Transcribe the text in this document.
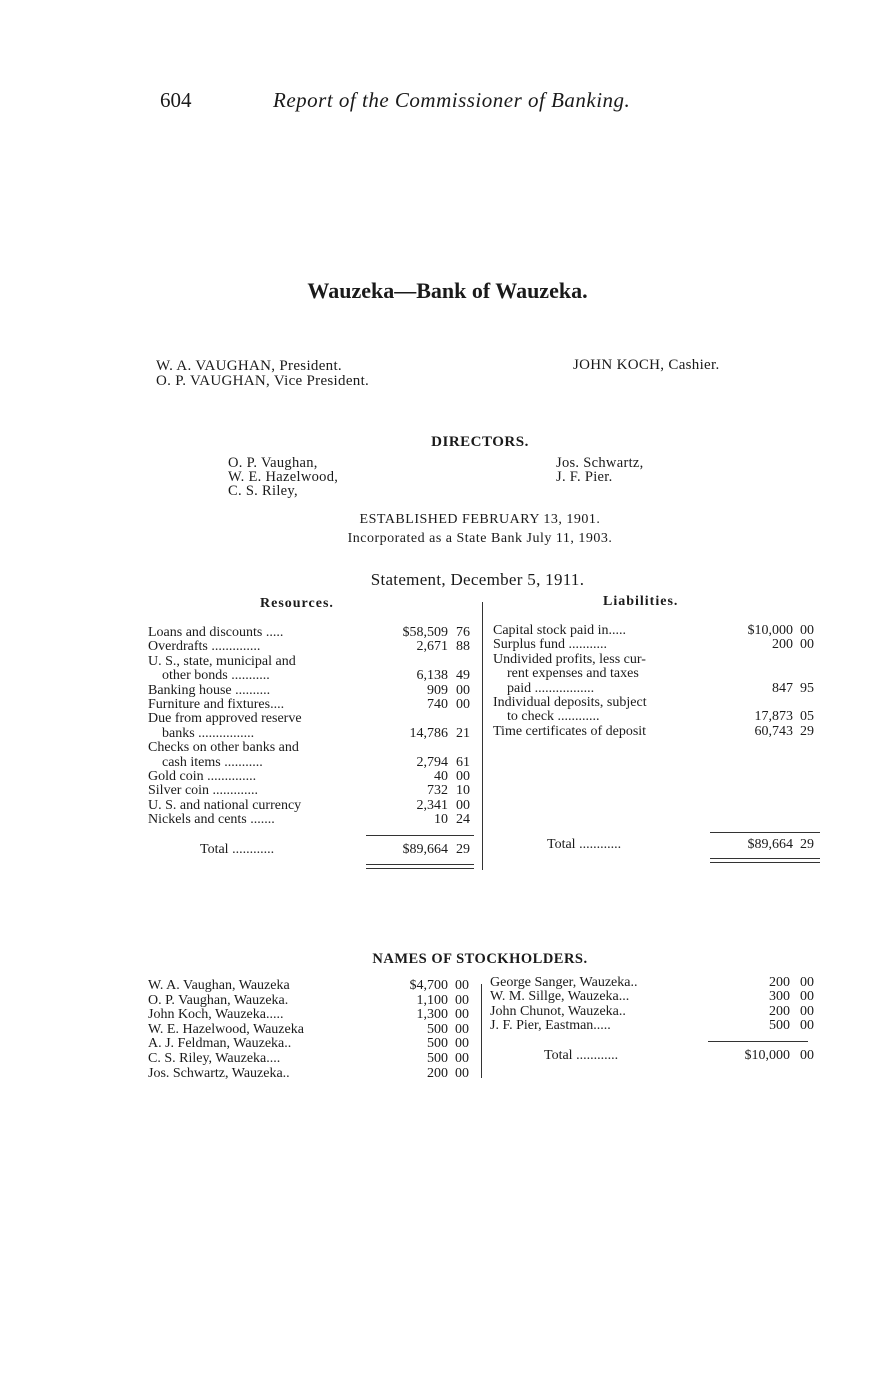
604	Report of the Commissioner of Banking.
Wauzeka—Bank of Wauzeka.
W. A. VAUGHAN, President.
O. P. VAUGHAN, Vice President.
JOHN KOCH, Cashier.
DIRECTORS.
O. P. Vaughan,
W. E. Hazelwood,
C. S. Riley,
Jos. Schwartz,
J. F. Pier.
ESTABLISHED FEBRUARY 13, 1901.
Incorporated as a State Bank July 11, 1903.
Statement, December 5, 1911.
Resources.	Liabilities.
Loans and discounts .....	$58,509 76
Overdrafts ..............	2,671 88
U. S., state, municipal and
other bonds ...........	6,138 49
Banking house ..........	909 00
Furniture and fixtures....	740 00
Due from approved reserve
banks ................	14,786 21
Checks on other banks and
cash items ...........	2,794 61
Gold coin ..............	40 00
Silver coin .............	732 10
U. S. and national currency	2,341 00
Nickels and cents .......	10 24
Total ............	$89,664 29
Capital stock paid in.....	$10,000 00
Surplus fund ...........	200 00
Undivided profits, less cur-
rent expenses and taxes
paid .................	847 95
Individual deposits, subject
to check ............	17,873 05
Time certificates of deposit	60,743 29
Total ............	$89,664 29
NAMES OF STOCKHOLDERS.
W. A. Vaughan, Wauzeka	$4,700 00
O. P. Vaughan, Wauzeka.	1,100 00
John Koch, Wauzeka.....	1,300 00
W. E. Hazelwood, Wauzeka	500 00
A. J. Feldman, Wauzeka..	500 00
C. S. Riley, Wauzeka....	500 00
Jos. Schwartz, Wauzeka..	200 00
George Sanger, Wauzeka..	200 00
W. M. Sillge, Wauzeka...	300 00
John Chunot, Wauzeka..	200 00
J. F. Pier, Eastman.....	500 00
Total ............	$10,000 00
